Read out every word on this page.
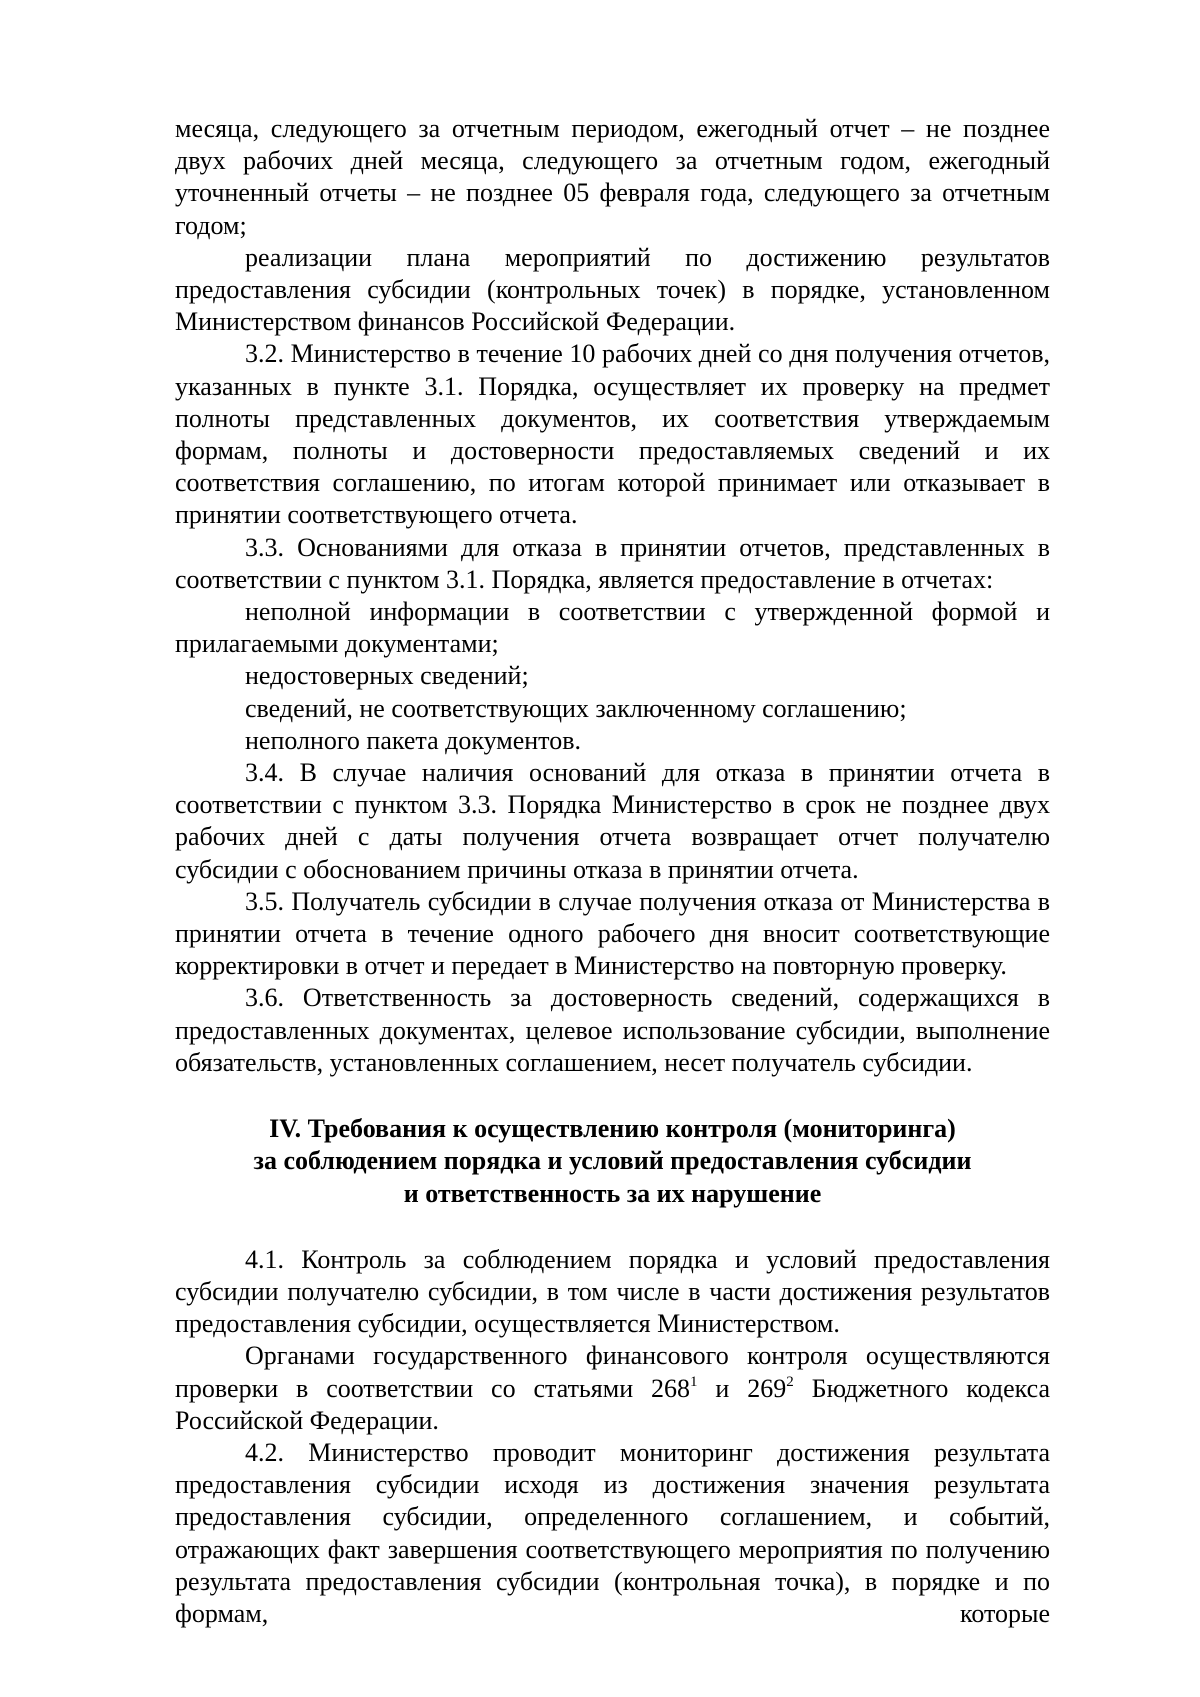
месяца, следующего за отчетным периодом, ежегодный отчет – не позднее двух рабочих дней месяца, следующего за отчетным годом, ежегодный уточненный отчеты – не позднее 05 февраля года, следующего за отчетным годом;

реализации плана мероприятий по достижению результатов предоставления субсидии (контрольных точек) в порядке, установленном Министерством финансов Российской Федерации.

3.2. Министерство в течение 10 рабочих дней со дня получения отчетов, указанных в пункте 3.1. Порядка, осуществляет их проверку на предмет полноты представленных документов, их соответствия утверждаемым формам, полноты и достоверности предоставляемых сведений и их соответствия соглашению, по итогам которой принимает или отказывает в принятии соответствующего отчета.

3.3. Основаниями для отказа в принятии отчетов, представленных в соответствии с пунктом 3.1. Порядка, является предоставление в отчетах:

неполной информации в соответствии с утвержденной формой и прилагаемыми документами;

недостоверных сведений;

сведений, не соответствующих заключенному соглашению;

неполного пакета документов.

3.4. В случае наличия оснований для отказа в принятии отчета в соответствии с пунктом 3.3. Порядка Министерство в срок не позднее двух рабочих дней с даты получения отчета возвращает отчет получателю субсидии с обоснованием причины отказа в принятии отчета.

3.5. Получатель субсидии в случае получения отказа от Министерства в принятии отчета в течение одного рабочего дня вносит соответствующие корректировки в отчет и передает в Министерство на повторную проверку.

3.6. Ответственность за достоверность сведений, содержащихся в предоставленных документах, целевое использование субсидии, выполнение обязательств, установленных соглашением, несет получатель субсидии.

IV. Требования к осуществлению контроля (мониторинга)
за соблюдением порядка и условий предоставления субсидии
и ответственность за их нарушение

4.1. Контроль за соблюдением порядка и условий предоставления субсидии получателю субсидии, в том числе в части достижения результатов предоставления субсидии, осуществляется Министерством.

Органами государственного финансового контроля осуществляются проверки в соответствии со статьями $268^1$ и $269^2$ Бюджетного кодекса Российской Федерации.

4.2. Министерство проводит мониторинг достижения результата предоставления субсидии исходя из достижения значения результата предоставления субсидии, определенного соглашением, и событий, отражающих факт завершения соответствующего мероприятия по получению результата предоставления субсидии (контрольная точка), в порядке и по формам, которые
